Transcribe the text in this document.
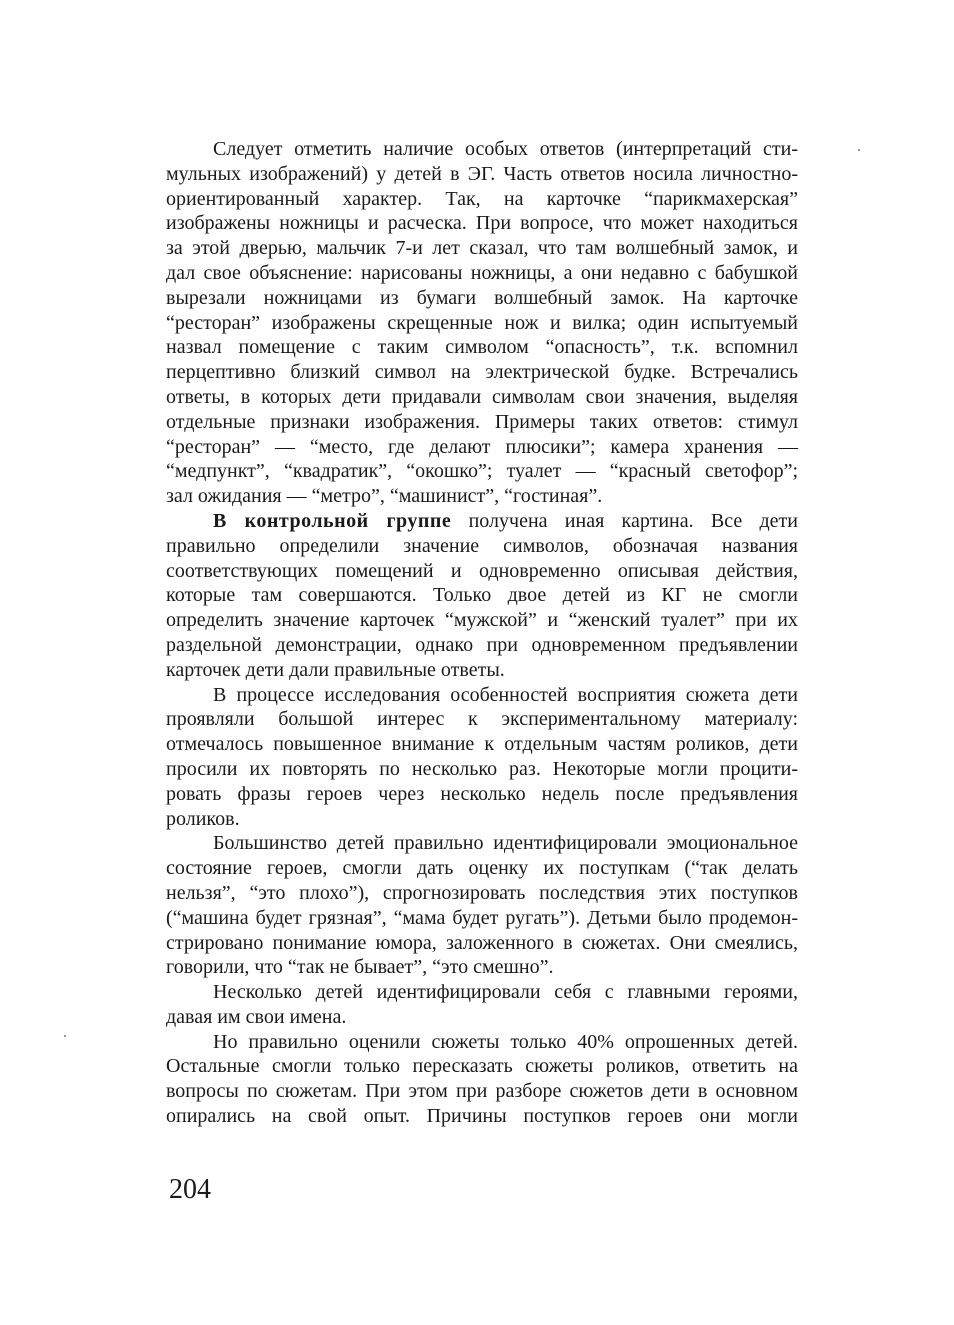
Следует отметить наличие особых ответов (интерпретаций сти-
мульных изображений) у детей в ЭГ. Часть ответов носила личностно-
ориентированный характер. Так, на карточке “парикмахерская”
изображены ножницы и расческа. При вопросе, что может находиться
за этой дверью, мальчик 7-и лет сказал, что там волшебный замок, и
дал свое объяснение: нарисованы ножницы, а они недавно с бабушкой
вырезали ножницами из бумаги волшебный замок. На карточке
“ресторан” изображены скрещенные нож и вилка; один испытуемый
назвал помещение с таким символом “опасность”, т.к. вспомнил
перцептивно близкий символ на электрической будке. Встречались
ответы, в которых дети придавали символам свои значения, выделяя
отдельные признаки изображения. Примеры таких ответов: стимул
“ресторан” — “место, где делают плюсики”; камера хранения —
“медпункт”, “квадратик”, “окошко”; туалет — “красный светофор”;
зал ожидания — “метро”, “машинист”, “гостиная”.
В контрольной группе получена иная картина. Все дети
правильно определили значение символов, обозначая названия
соответствующих помещений и одновременно описывая действия,
которые там совершаются. Только двое детей из КГ не смогли
определить значение карточек “мужской” и “женский туалет” при их
раздельной демонстрации, однако при одновременном предъявлении
карточек дети дали правильные ответы.
В процессе исследования особенностей восприятия сюжета дети
проявляли большой интерес к экспериментальному материалу:
отмечалось повышенное внимание к отдельным частям роликов, дети
просили их повторять по несколько раз. Некоторые могли процити-
ровать фразы героев через несколько недель после предъявления
роликов.
Большинство детей правильно идентифицировали эмоциональное
состояние героев, смогли дать оценку их поступкам (“так делать
нельзя”, “это плохо”), спрогнозировать последствия этих поступков
(“машина будет грязная”, “мама будет ругать”). Детьми было продемон-
стрировано понимание юмора, заложенного в сюжетах. Они смеялись,
говорили, что “так не бывает”, “это смешно”.
Несколько детей идентифицировали себя с главными героями,
давая им свои имена.
Но правильно оценили сюжеты только 40% опрошенных детей.
Остальные смогли только пересказать сюжеты роликов, ответить на
вопросы по сюжетам. При этом при разборе сюжетов дети в основном
опирались на свой опыт. Причины поступков героев они могли
204
